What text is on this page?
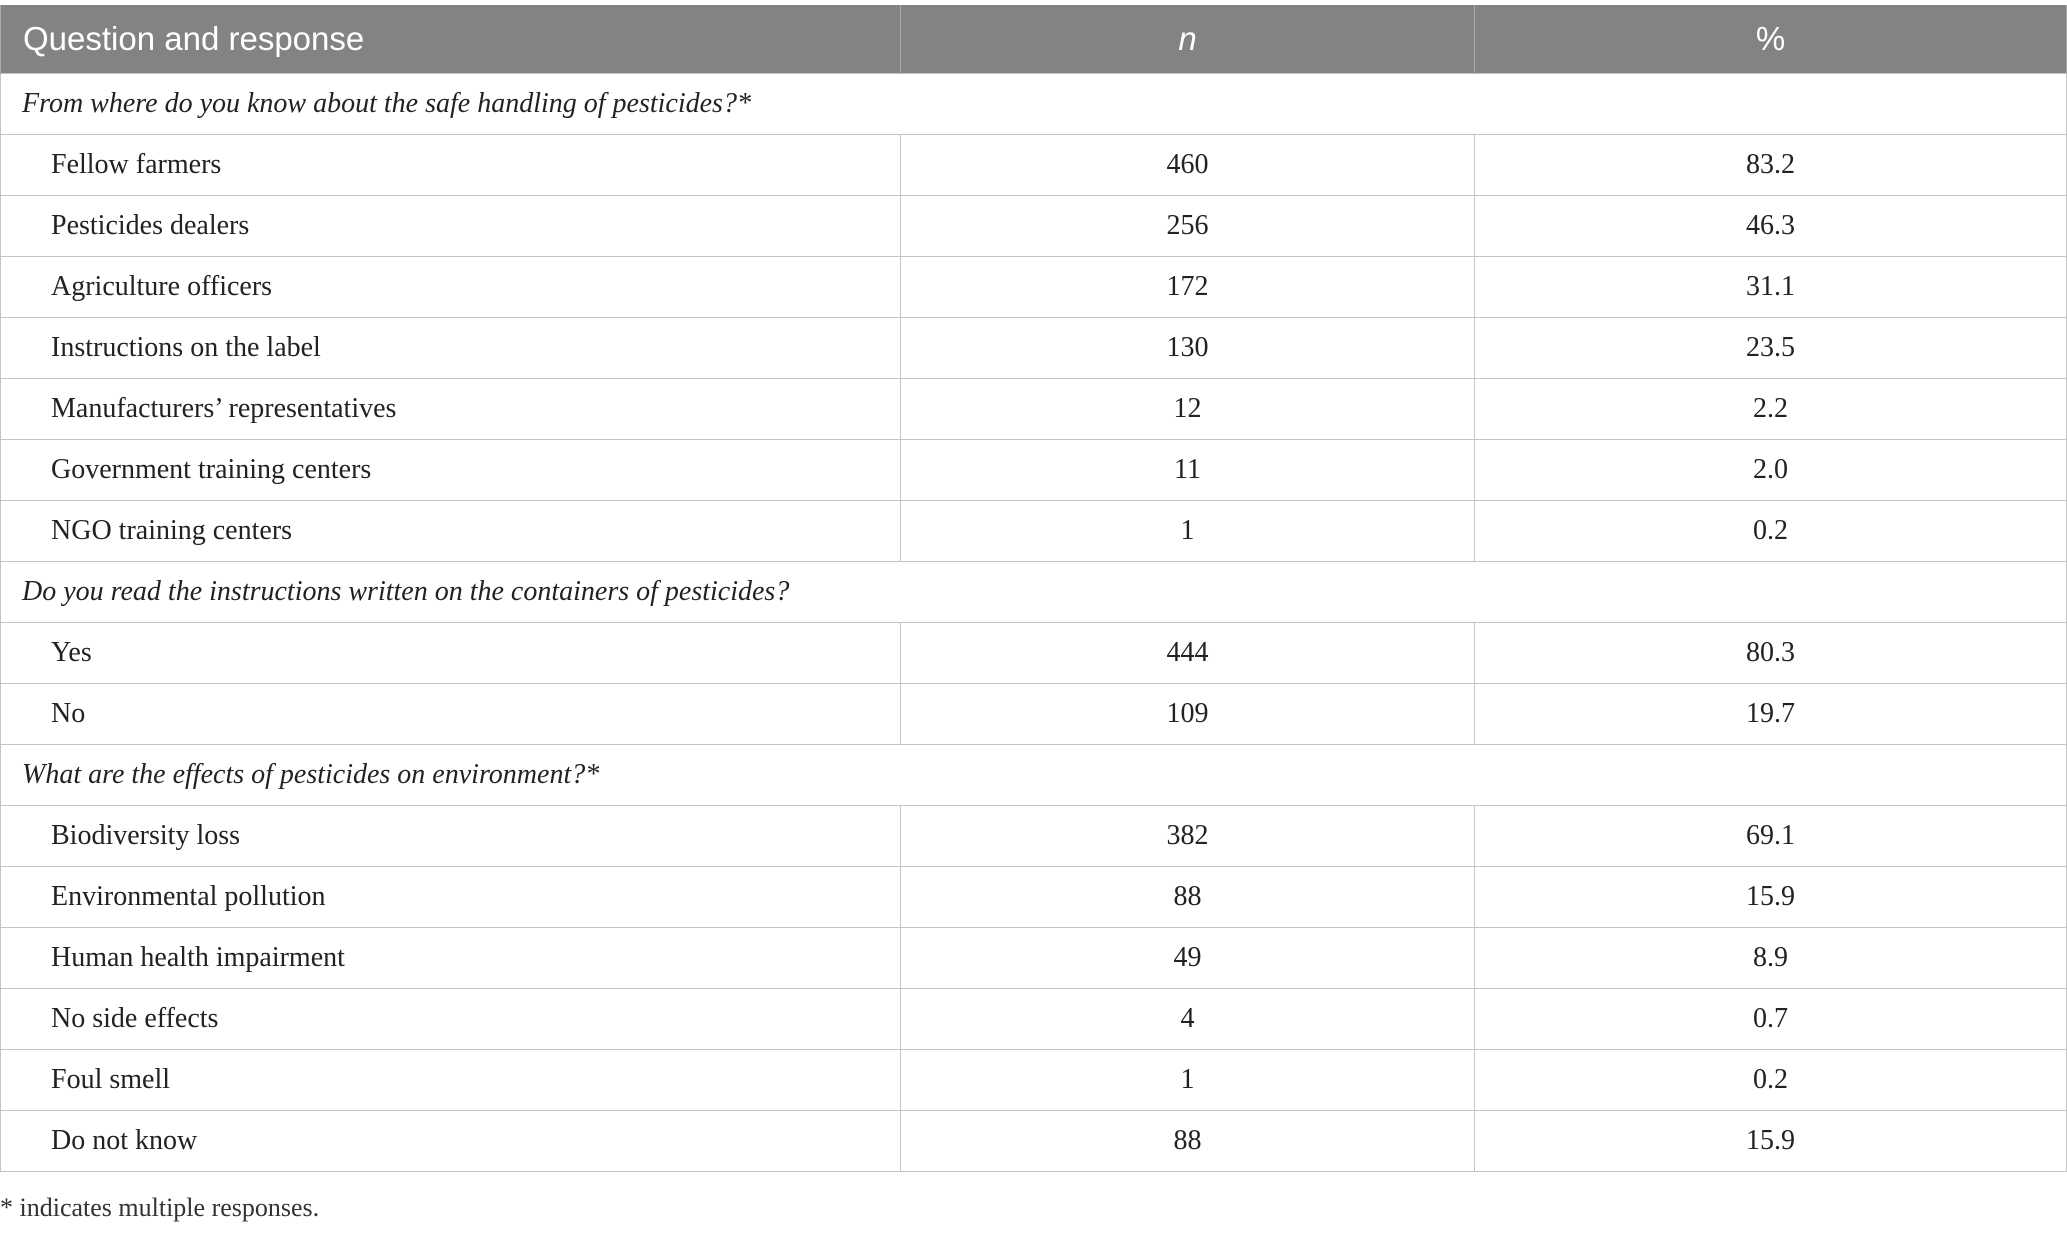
Question and response	n	%
From where do you know about the safe handling of pesticides?*		
Fellow farmers	460	83.2
Pesticides dealers	256	46.3
Agriculture officers	172	31.1
Instructions on the label	130	23.5
Manufacturers’ representatives	12	2.2
Government training centers	11	2.0
NGO training centers	1	0.2
Do you read the instructions written on the containers of pesticides?		
Yes	444	80.3
No	109	19.7
What are the effects of pesticides on environment?*		
Biodiversity loss	382	69.1
Environmental pollution	88	15.9
Human health impairment	49	8.9
No side effects	4	0.7
Foul smell	1	0.2
Do not know	88	15.9
* indicates multiple responses.
